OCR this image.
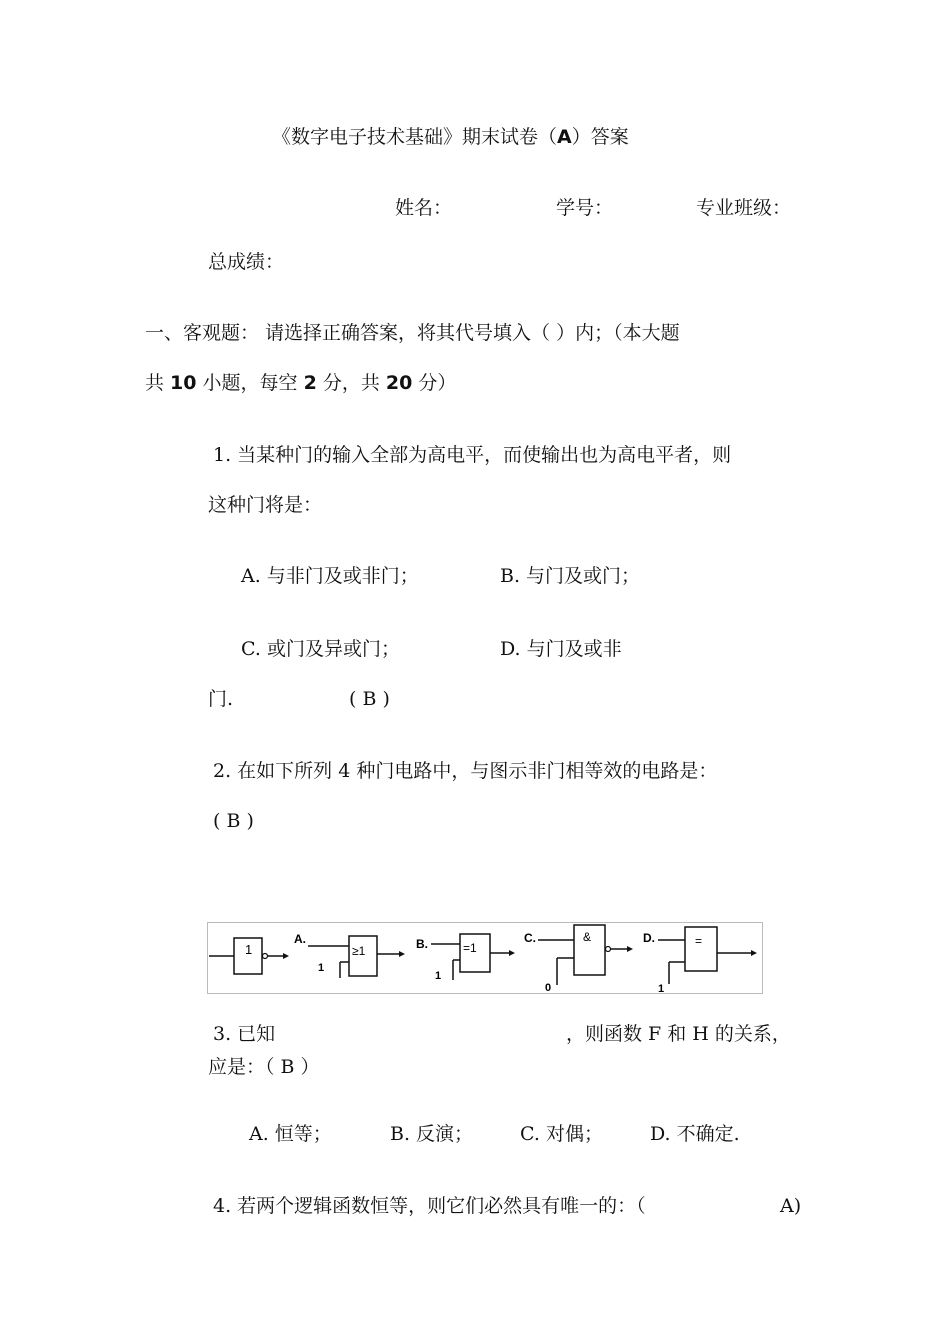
《数字电子技术基础》期末试卷（A）答案
姓名：	学号：	专业班级：
总成绩：
一、客观题： 请选择正确答案，将其代号填入（ ）内；（本大题
共 10 小题，每空 2 分，共 20 分）
1. 当某种门的输入全部为高电平，而使输出也为高电平者，则
这种门将是：
A. 与非门及或非门；	B. 与门及或门；
C. 或门及异或门；	D. 与门及或非
门.	( B )
2. 在如下所列 4 种门电路中，与图示非门相等效的电路是：
( B )
1
A.
1
≥1	B.
1
=1
C.
0
&	D.
1
=
3. 已知	，则函数 F 和 H 的关系，
应是：（ B ）
A. 恒等；	B. 反演； C. 对偶； D. 不确定.
4. 若两个逻辑函数恒等，则它们必然具有唯一的：（	A)
